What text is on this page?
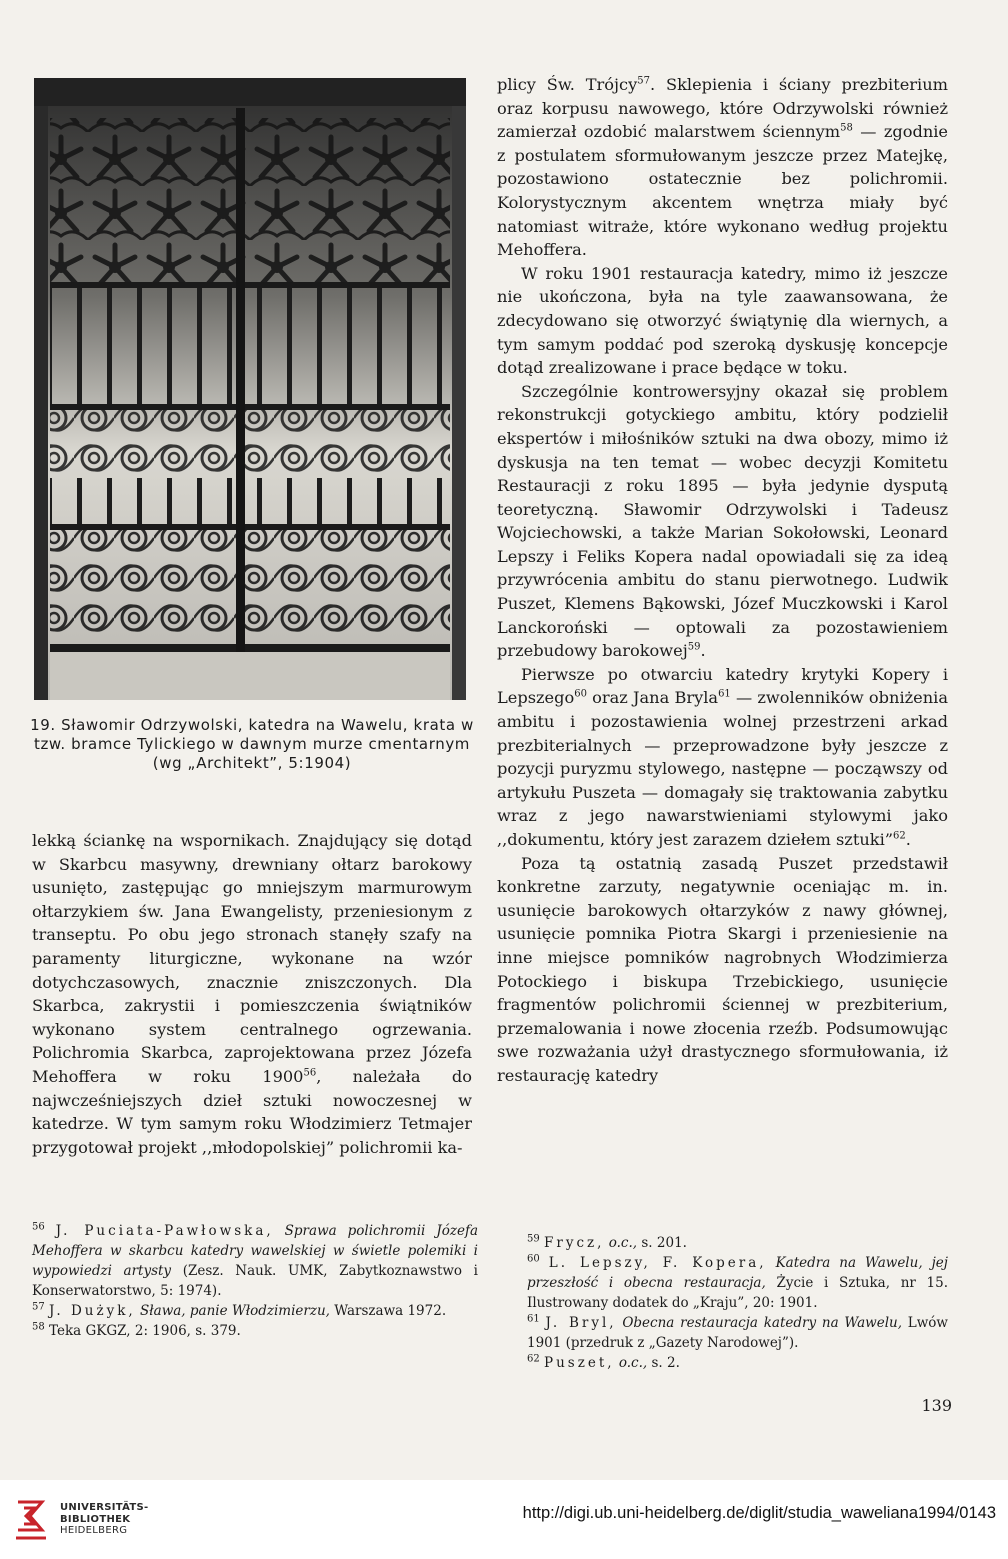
19. Sławomir Odrzywolski, katedra na Wawelu, krata w tzw. bramce Tylickiego w dawnym murze cmentarnym (wg „Architekt”, 5:1904)

lekką ściankę na wspornikach. Znajdujący się dotąd w Skarbcu masywny, drewniany ołtarz barokowy usunięto, zastępując go mniejszym marmurowym ołtarzykiem św. Jana Ewangelisty, przeniesionym z transeptu. Po obu jego stronach stanęły szafy na paramenty liturgiczne, wykonane na wzór dotychczasowych, znacznie zniszczonych. Dla Skarbca, zakrystii i pomieszczenia świątników wykonano system centralnego ogrzewania. Polichromia Skarbca, zaprojektowana przez Józefa Mehoffera w roku 1900$^{56}$, należała do najwcześniejszych dzieł sztuki nowoczesnej w katedrze. W tym samym roku Włodzimierz Tetmajer przygotował projekt ,,młodopolskiej” polichromii ka-

plicy Św. Trójcy$^{57}$. Sklepienia i ściany prezbiterium oraz korpusu nawowego, które Odrzywolski również zamierzał ozdobić malarstwem ściennym$^{58}$ — zgodnie z postulatem sformułowanym jeszcze przez Matejkę, pozostawiono ostatecznie bez polichromii. Kolorystycznym akcentem wnętrza miały być natomiast witraże, które wykonano według projektu Mehoffera.

W roku 1901 restauracja katedry, mimo iż jeszcze nie ukończona, była na tyle zaawansowana, że zdecydowano się otworzyć świątynię dla wiernych, a tym samym poddać pod szeroką dyskusję koncepcje dotąd zrealizowane i prace będące w toku.

Szczególnie kontrowersyjny okazał się problem rekonstrukcji gotyckiego ambitu, który podzielił ekspertów i miłośników sztuki na dwa obozy, mimo iż dyskusja na ten temat — wobec decyzji Komitetu Restauracji z roku 1895 — była jedynie dysputą teoretyczną. Sławomir Odrzywolski i Tadeusz Wojciechowski, a także Marian Sokołowski, Leonard Lepszy i Feliks Kopera nadal opowiadali się za ideą przywrócenia ambitu do stanu pierwotnego. Ludwik Puszet, Klemens Bąkowski, Józef Muczkowski i Karol Lanckoroński — optowali za pozostawieniem przebudowy barokowej$^{59}$.

Pierwsze po otwarciu katedry krytyki Kopery i Lepszego$^{60}$ oraz Jana Bryla$^{61}$ — zwolenników obniżenia ambitu i pozostawienia wolnej przestrzeni arkad prezbiterialnych — przeprowadzone były jeszcze z pozycji puryzmu stylowego, następne — począwszy od artykułu Puszeta — domagały się traktowania zabytku wraz z jego nawarstwieniami stylowymi jako ,,dokumentu, który jest zarazem dziełem sztuki”$^{62}$.

Poza tą ostatnią zasadą Puszet przedstawił konkretne zarzuty, negatywnie oceniając m. in. usunięcie barokowych ołtarzyków z nawy głównej, usunięcie pomnika Piotra Skargi i przeniesienie na inne miejsce pomników nagrobnych Włodzimierza Potockiego i biskupa Trzebickiego, usunięcie fragmentów polichromii ściennej w prezbiterium, przemalowania i nowe złocenia rzeźb. Podsumowując swe rozważania użył drastycznego sformułowania, iż restaurację katedry

$^{56}$ J. Puciata-Pawłowska, Sprawa polichromii Józefa Mehoffera w skarbcu katedry wawelskiej w świetle polemiki i wypowiedzi artysty (Zesz. Nauk. UMK, Zabytkoznawstwo i Konserwatorstwo, 5: 1974).

$^{57}$ J. Dużyk, Sława, panie Włodzimierzu, Warszawa 1972.

$^{58}$ Teka GKGZ, 2: 1906, s. 379.

$^{59}$ Frycz, o.c., s. 201.

$^{60}$ L. Lepszy, F. Kopera, Katedra na Wawelu, jej przeszłość i obecna restauracja, Życie i Sztuka, nr 15. Ilustrowany dodatek do „Kraju”, 20: 1901.

$^{61}$ J. Bryl, Obecna restauracja katedry na Wawelu, Lwów 1901 (przedruk z „Gazety Narodowej”).

$^{62}$ Puszet, o.c., s. 2.

139
UNIVERSITÄTS-
BIBLIOTHEK
HEIDELBERG
http://digi.ub.uni-heidelberg.de/diglit/studia_waweliana1994/0143
